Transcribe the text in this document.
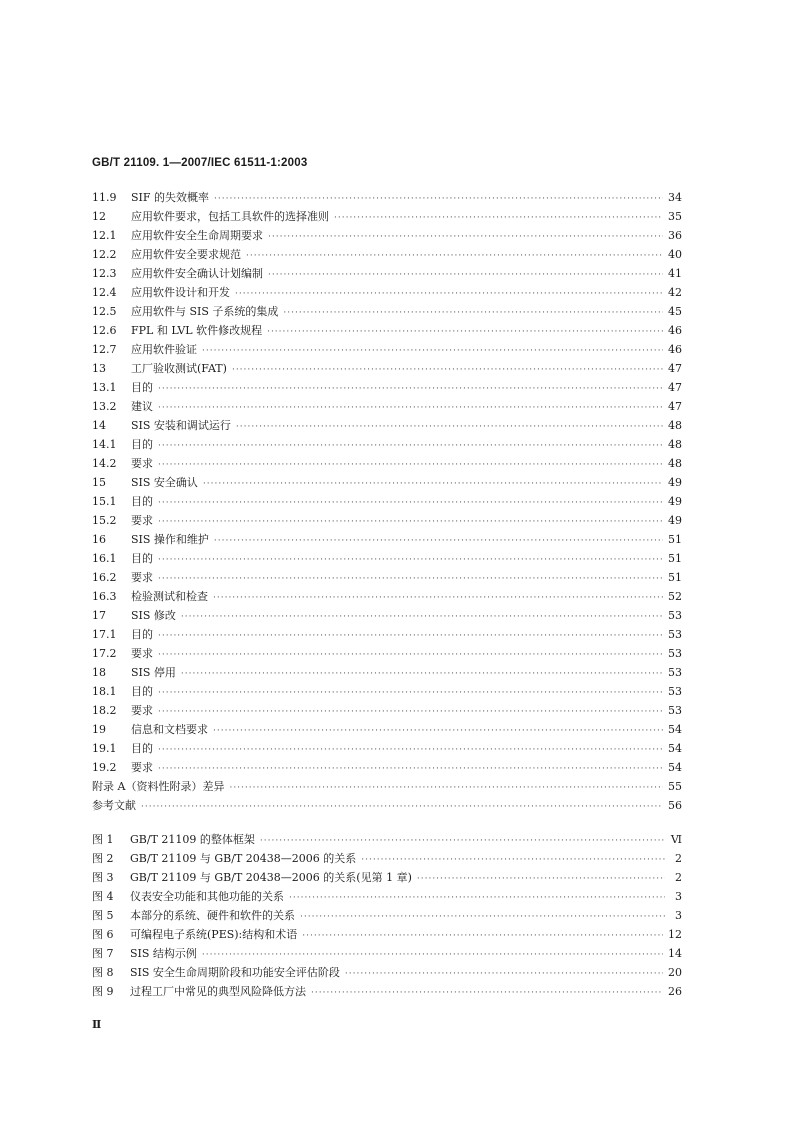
GB/T 21109. 1—2007/IEC 61511-1:2003
11.9	SIF 的失效概率 ·····	34
12	应用软件要求，包括工具软件的选择准则 ·····	35
12.1	应用软件安全生命周期要求 ·····	36
12.2	应用软件安全要求规范 ·····	40
12.3	应用软件安全确认计划编制 ·····	41
12.4	应用软件设计和开发 ·····	42
12.5	应用软件与 SIS 子系统的集成 ·····	45
12.6	FPL 和 LVL 软件修改规程 ·····	46
12.7	应用软件验证 ·····	46
13	工厂验收测试(FAT) ·····	47
13.1	目的 ·····	47
13.2	建议 ·····	47
14	SIS 安装和调试运行 ·····	48
14.1	目的 ·····	48
14.2	要求 ·····	48
15	SIS 安全确认 ·····	49
15.1	目的 ·····	49
15.2	要求 ·····	49
16	SIS 操作和维护 ·····	51
16.1	目的 ·····	51
16.2	要求 ·····	51
16.3	检验测试和检查 ·····	52
17	SIS 修改 ·····	53
17.1	目的 ·····	53
17.2	要求 ·····	53
18	SIS 停用 ·····	53
18.1	目的 ·····	53
18.2	要求 ·····	53
19	信息和文档要求 ·····	54
19.1	目的 ·····	54
19.2	要求 ·····	54
附录 A（资料性附录）差异 ·····	55
参考文献 ·····	56
图 1	GB/T 21109 的整体框架 ·····	Ⅵ
图 2	GB/T 21109 与 GB/T 20438—2006 的关系 ·····	2
图 3	GB/T 21109 与 GB/T 20438—2006 的关系(见第 1 章) ·····	2
图 4	仪表安全功能和其他功能的关系 ·····	3
图 5	本部分的系统、硬件和软件的关系 ·····	3
图 6	可编程电子系统(PES):结构和术语 ·····	12
图 7	SIS 结构示例 ·····	14
图 8	SIS 安全生命周期阶段和功能安全评估阶段 ·····	20
图 9	过程工厂中常见的典型风险降低方法 ·····	26
Ⅱ
